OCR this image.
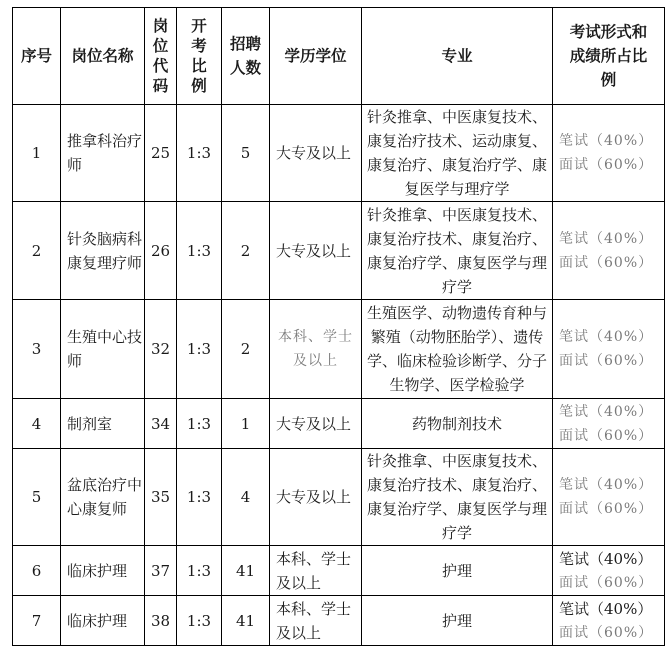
序号	岗位名称	岗
位
代
码	开
考
比
例	招聘
人数	学历学位	专业	考试形式和
成绩所占比
例

1	推拿科治疗师	25	1:3	5	大专及以上	针灸推拿、中医康复技术、康复治疗技术、运动康复、康复治疗、康复治疗学、康复医学与理疗学	笔试（40%）
面试（60%）

2	针灸脑病科康复理疗师	26	1:3	2	大专及以上	针灸推拿、中医康复技术、康复治疗技术、康复治疗、康复治疗学、康复医学与理疗学	笔试（40%）
面试（60%）

3	生殖中心技师	32	1:3	2	本科、学士及以上	生殖医学、动物遗传育种与繁殖（动物胚胎学）、遗传学、临床检验诊断学、分子生物学、医学检验学	笔试（40%）
面试（60%）

4	制剂室	34	1:3	1	大专及以上	药物制剂技术	笔试（40%）
面试（60%）

5	盆底治疗中心康复师	35	1:3	4	大专及以上	针灸推拿、中医康复技术、康复治疗技术、康复治疗、康复治疗学、康复医学与理疗学	笔试（40%）
面试（60%）

6	临床护理	37	1:3	41	本科、学士及以上	护理	笔试（40%）
面试（60%）

7	临床护理	38	1:3	41	本科、学士及以上	护理	笔试（40%）
面试（60%）
